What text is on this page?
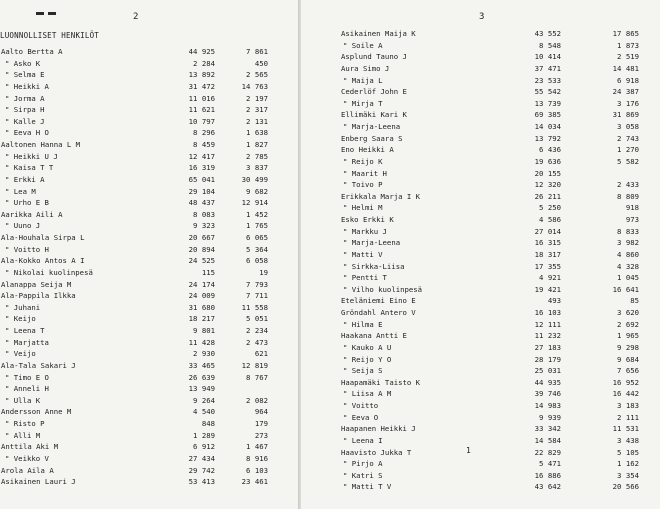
2
LUONNOLLISET HENKILÖT
Aalto Bertta A	44 925	7 861
" Asko K	2 284	450
" Selma E	13 892	2 565
" Heikki A	31 472	14 763
" Jorma A	11 016	2 197
" Sirpa H	11 621	2 317
" Kalle J	10 797	2 131
" Eeva H O	8 296	1 638
Aaltonen Hanna L M	8 459	1 827
" Heikki U J	12 417	2 785
" Kaisa T T	16 319	3 837
" Erkki A	65 041	30 499
" Lea M	29 104	9 682
" Urho E B	48 437	12 914
Aarikka Aili A	8 083	1 452
" Uuno J	9 323	1 765
Ala-Houhala Sirpa L	20 667	6 065
" Voitto H	20 894	5 364
Ala-Kokko Antos A I	24 525	6 058
" Nikolai kuolinpesä	115	19
Alanappa Seija M	24 174	7 793
Ala-Pappila Ilkka	24 009	7 711
" Juhani	31 680	11 558
" Keijo	18 217	5 051
" Leena T	9 801	2 234
" Marjatta	11 428	2 473
" Veijo	2 930	621
Ala-Tala Sakari J	33 465	12 819
" Timo E O	26 639	8 767
" Anneli H	13 949
" Ulla K	9 264	2 082
Andersson Anne M	4 540	964
" Risto P	848	179
" Alli M	1 289	273
Anttila Aki M	6 912	1 467
" Veikko V	27 434	8 916
Arola Aila A	29 742	6 103
Asikainen Lauri J	53 413	23 461
3
Asikainen Maija K	43 552	17 865
" Soile A	8 548	1 873
Asplund Tauno J	10 414	2 519
Aura Simo J	37 471	14 481
" Maija L	23 533	6 918
Cederlöf John E	55 542	24 387
" Mirja T	13 739	3 176
Ellimäki Kari K	69 385	31 869
" Marja-Leena	14 034	3 058
Enberg Saara S	13 792	2 743
Eno Heikki A	6 436	1 270
" Reijo K	19 636	5 582
" Maarit H	20 155
" Toivo P	12 320	2 433
Erikkala Marja I K	26 211	8 809
" Helmi M	5 250	918
Esko Erkki K	4 586	973
" Markku J	27 014	8 833
" Marja-Leena	16 315	3 982
" Matti V	18 317	4 860
" Sirkka-Liisa	17 355	4 328
" Pentti T	4 921	1 045
" Vilho kuolinpesä	19 421	16 641
Eteläniemi Eino E	493	85
Gröndahl Antero V	16 103	3 620
" Hilma E	12 111	2 692
Haakana Antti E	11 232	1 965
" Kauko A U	27 183	9 298
" Reijo Y O	28 179	9 684
" Seija S	25 031	7 656
Haapamäki Taisto K	44 935	16 952
" Liisa A M	39 746	16 442
" Voitto	14 983	3 183
" Eeva O	9 939	2 111
Haapanen Heikki J	33 342	11 531
" Leena I	14 584	3 438
Haavisto Jukka T	22 829	5 105
" Pirjo A	5 471	1 162
" Katri S	16 886	3 354
" Matti T V	43 642	20 566
1
